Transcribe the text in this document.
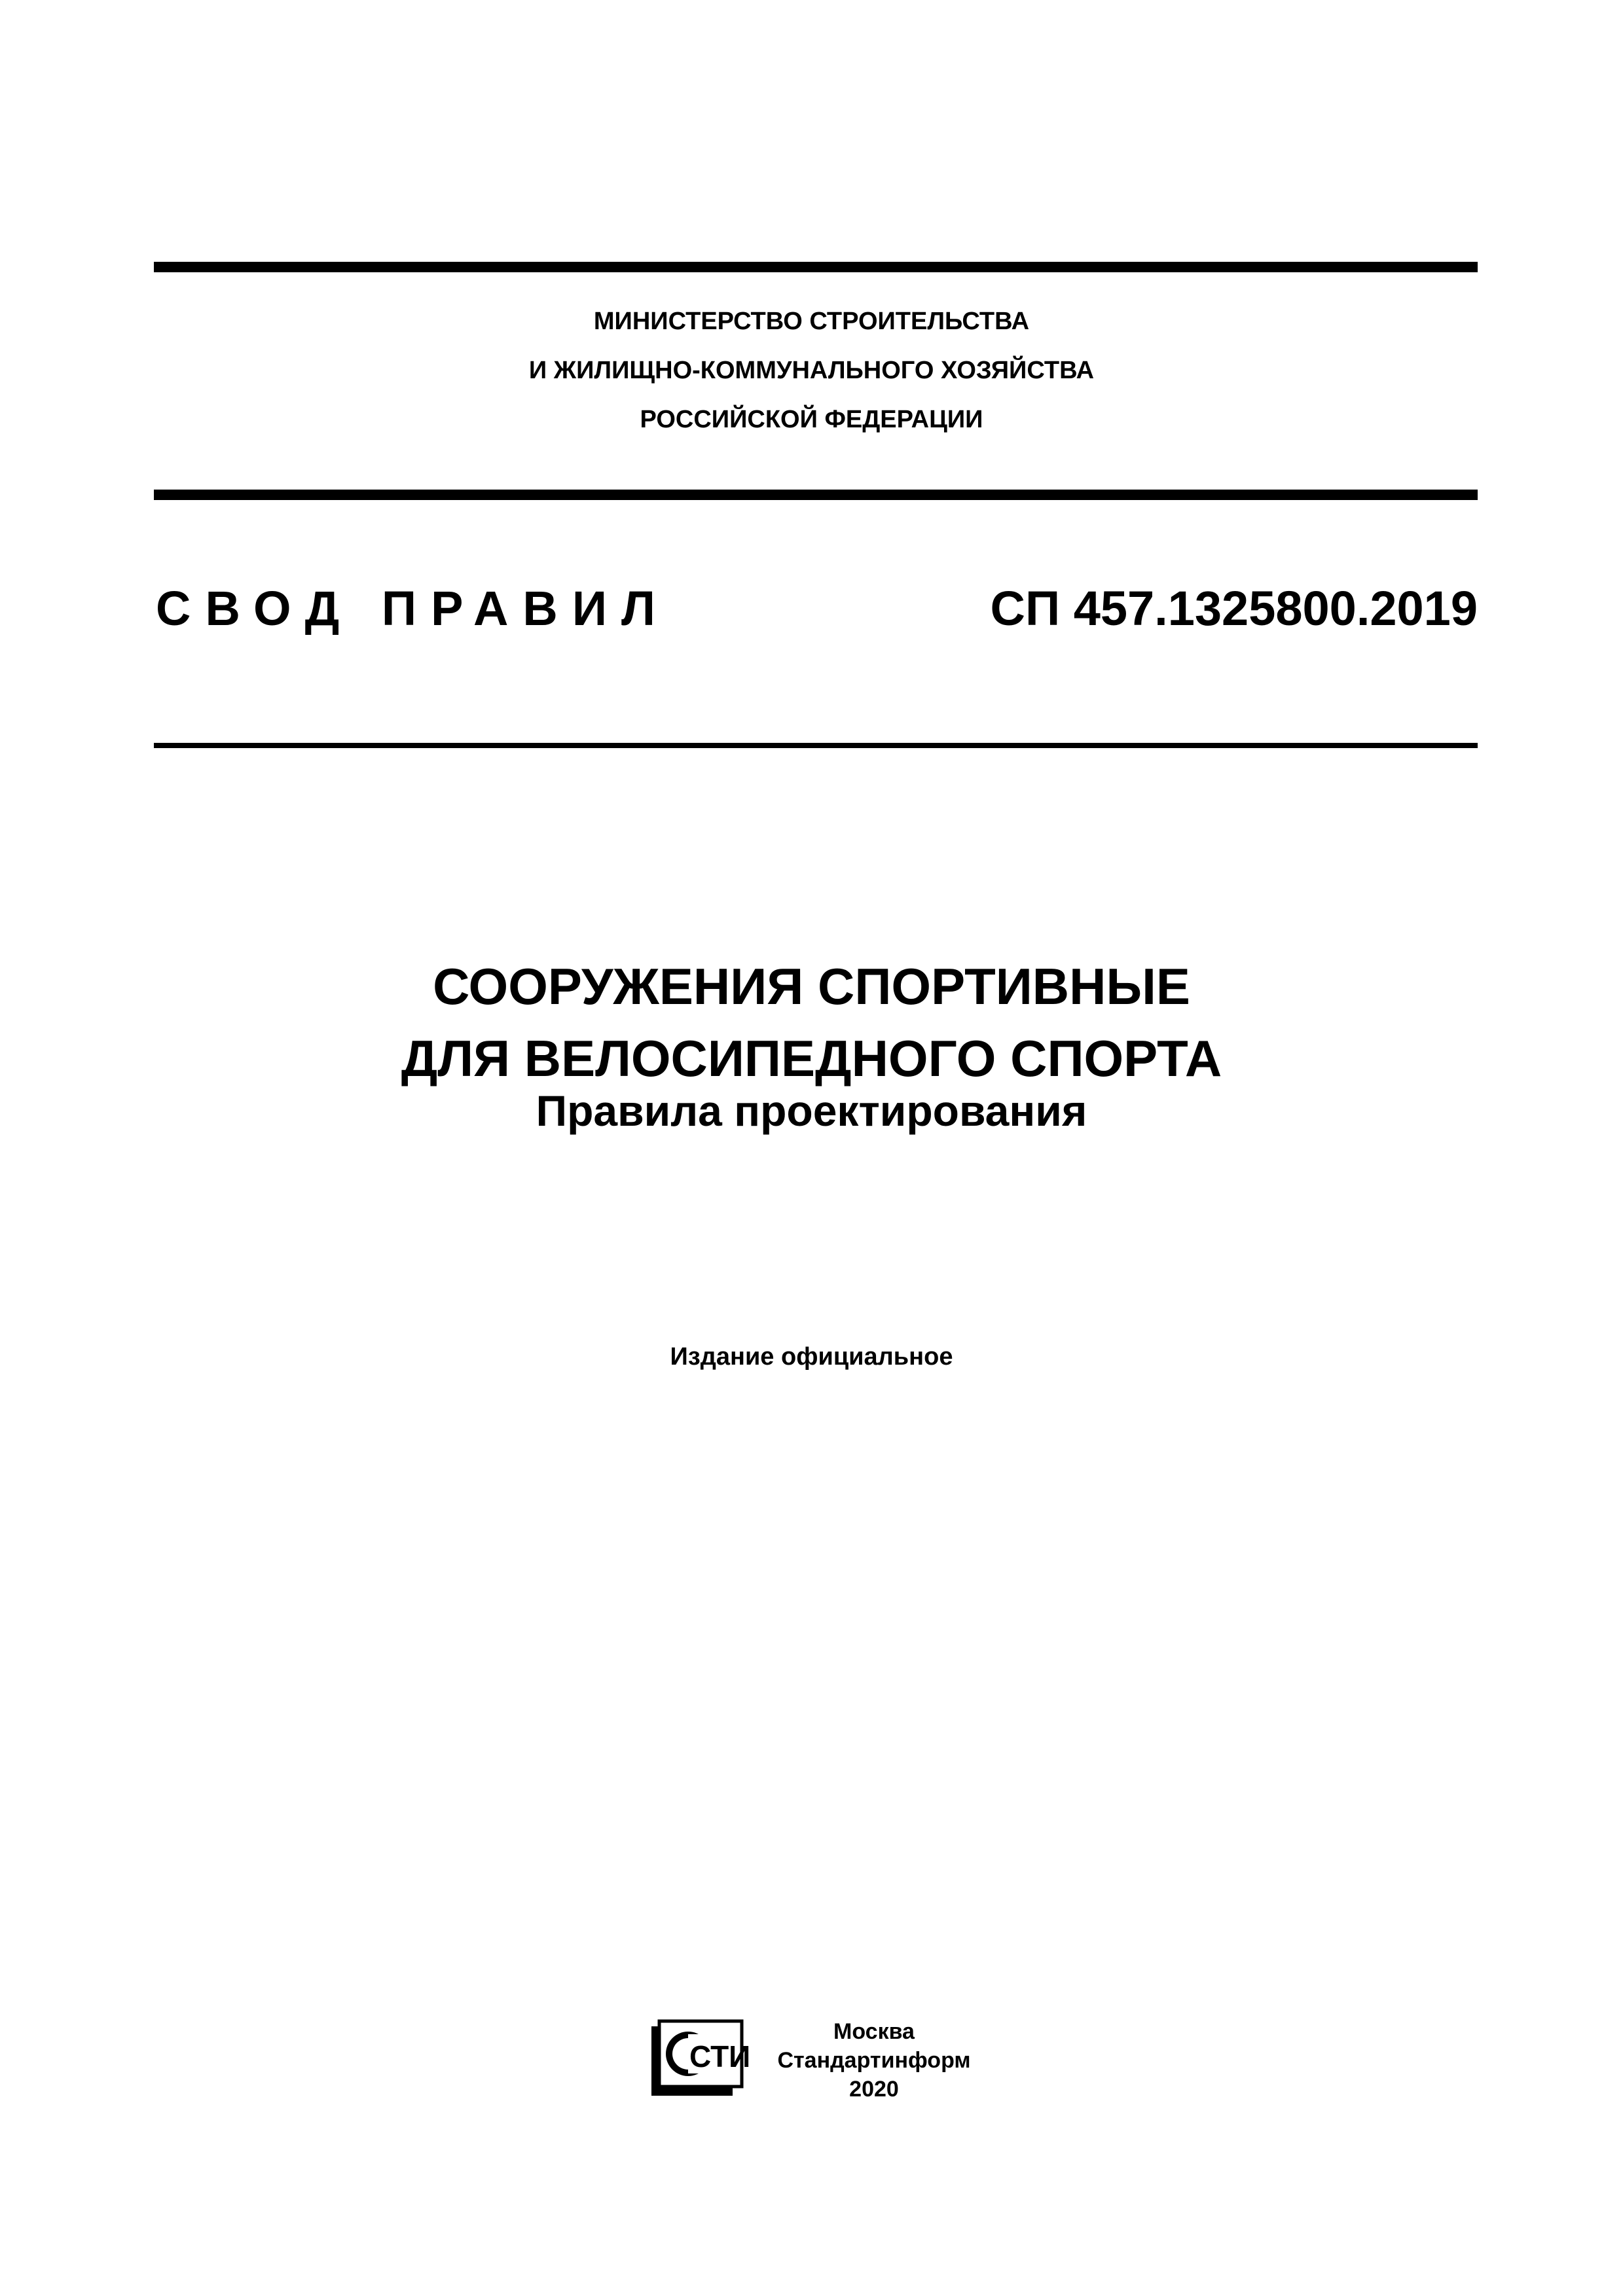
МИНИСТЕРСТВО СТРОИТЕЛЬСТВА
И ЖИЛИЩНО-КОММУНАЛЬНОГО ХОЗЯЙСТВА
РОССИЙСКОЙ ФЕДЕРАЦИИ
СВОД ПРАВИЛ	СП 457.1325800.2019
СООРУЖЕНИЯ СПОРТИВНЫЕ
ДЛЯ ВЕЛОСИПЕДНОГО СПОРТА
Правила проектирования
Издание официальное
СТИ
Москва
Стандартинформ
2020
